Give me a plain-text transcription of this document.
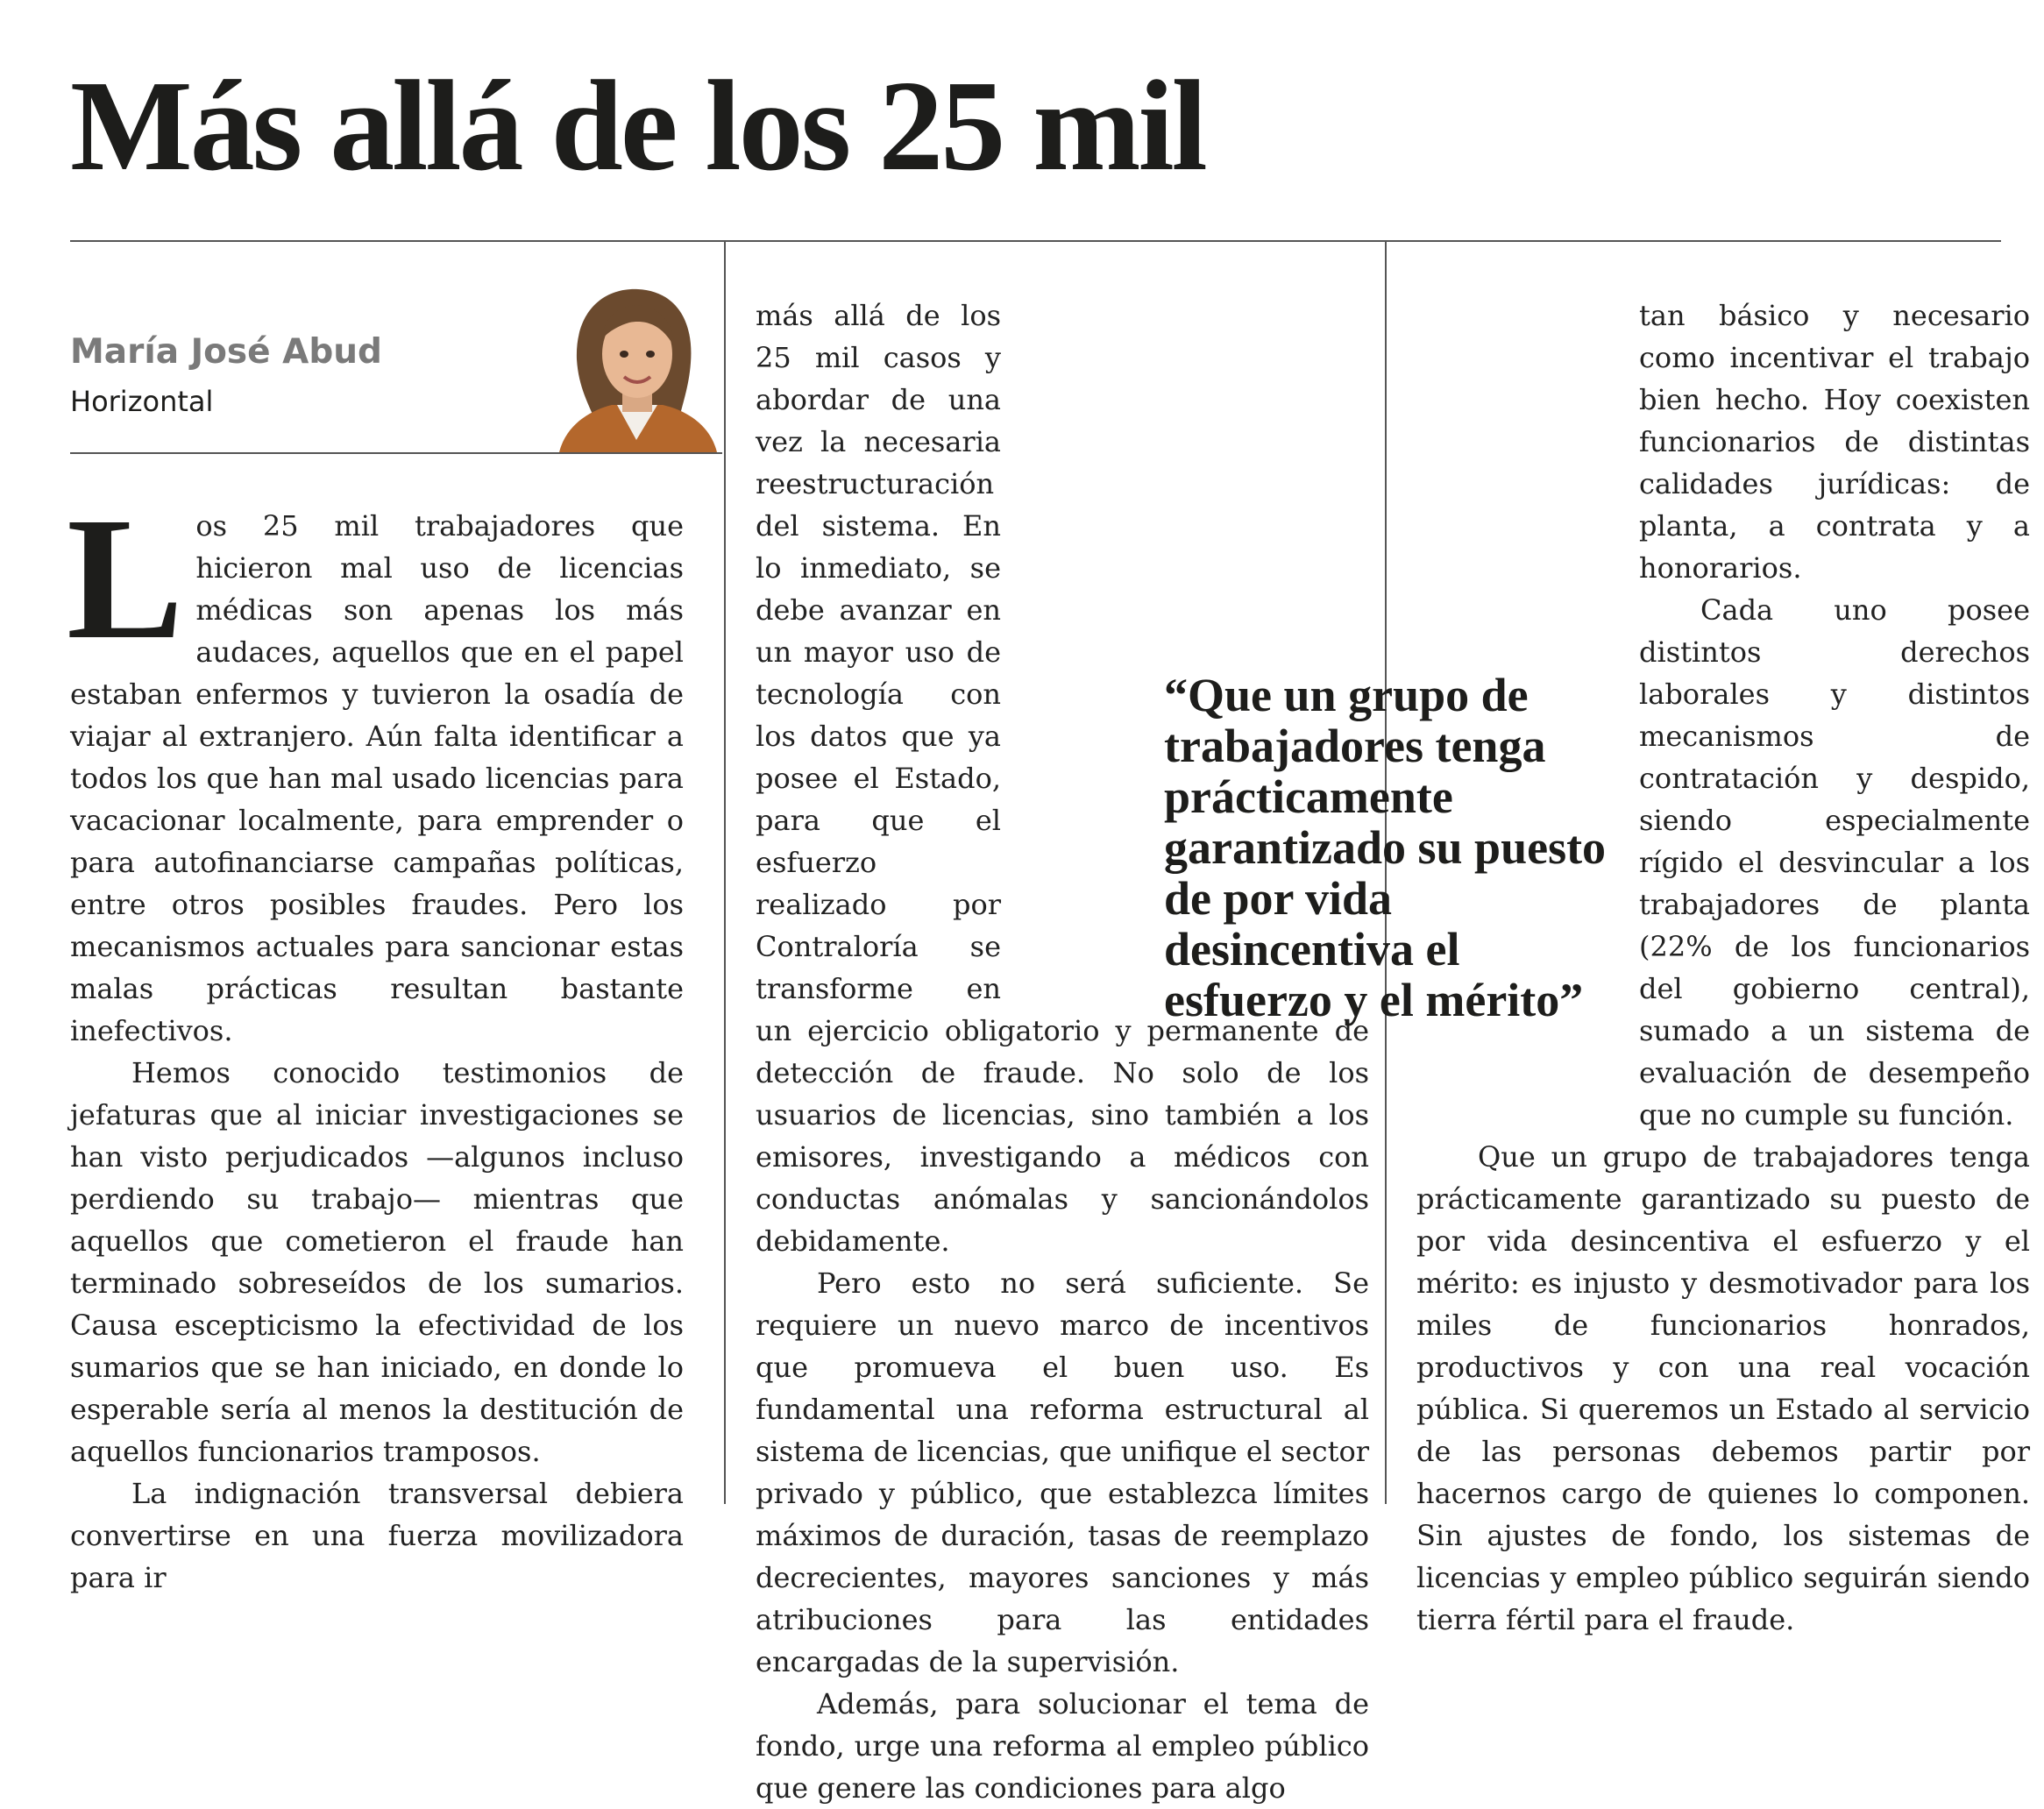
Más allá de los 25 mil
María José Abud
Horizontal

Los 25 mil trabajadores que hicieron mal uso de licencias médicas son apenas los más audaces, aquellos que en el papel estaban enfermos y tuvieron la osadía de viajar al extranjero. Aún falta identificar a todos los que han mal usado licencias para vacacionar localmente, para emprender o para autofinanciarse campañas políticas, entre otros posibles fraudes. Pero los mecanismos actuales para sancionar estas malas prácticas resultan bastante inefectivos.

Hemos conocido testimonios de jefaturas que al iniciar investigaciones se han visto perjudicados —algunos incluso perdiendo su trabajo— mientras que aquellos que cometieron el fraude han terminado sobreseídos de los sumarios. Causa escepticismo la efectividad de los sumarios que se han iniciado, en donde lo esperable sería al menos la destitución de aquellos funcionarios tramposos.

La indignación transversal debiera convertirse en una fuerza movilizadora para ir

más allá de los 25 mil casos y abordar de una vez la necesaria reestructuración del sistema. En lo inmediato, se debe avanzar en un mayor uso de tecnología con los datos que ya posee el Estado, para que el esfuerzo realizado por Contraloría se transforme en un ejercicio obligatorio y permanente de detección de fraude. No solo de los usuarios de licencias, sino también a los emisores, investigando a médicos con conductas anómalas y sancionándolos debidamente.

Pero esto no será suficiente. Se requiere un nuevo marco de incentivos que promueva el buen uso. Es fundamental una reforma estructural al sistema de licencias, que unifique el sector privado y público, que establezca límites máximos de duración, tasas de reemplazo decrecientes, mayores sanciones y más atribuciones para las entidades encargadas de la supervisión.

Además, para solucionar el tema de fondo, urge una reforma al empleo público que genere las condiciones para algo

tan básico y necesario como incentivar el trabajo bien hecho. Hoy coexisten funcionarios de distintas calidades jurídicas: de planta, a contrata y a honorarios.

Cada uno posee distintos derechos laborales y distintos mecanismos de contratación y despido, siendo especialmente rígido el desvincular a los trabajadores de planta (22% de los funcionarios del gobierno central), sumado a un sistema de evaluación de desempeño que no cumple su función.

Que un grupo de trabajadores tenga prácticamente garantizado su puesto de por vida desincentiva el esfuerzo y el mérito: es injusto y desmotivador para los miles de funcionarios honrados, productivos y con una real vocación pública. Si queremos un Estado al servicio de las personas debemos partir por hacernos cargo de quienes lo componen. Sin ajustes de fondo, los sistemas de licencias y empleo público seguirán siendo tierra fértil para el fraude.

“Que un grupo de trabajadores tenga prácticamente garantizado su puesto de por vida desincentiva el esfuerzo y el mérito”
